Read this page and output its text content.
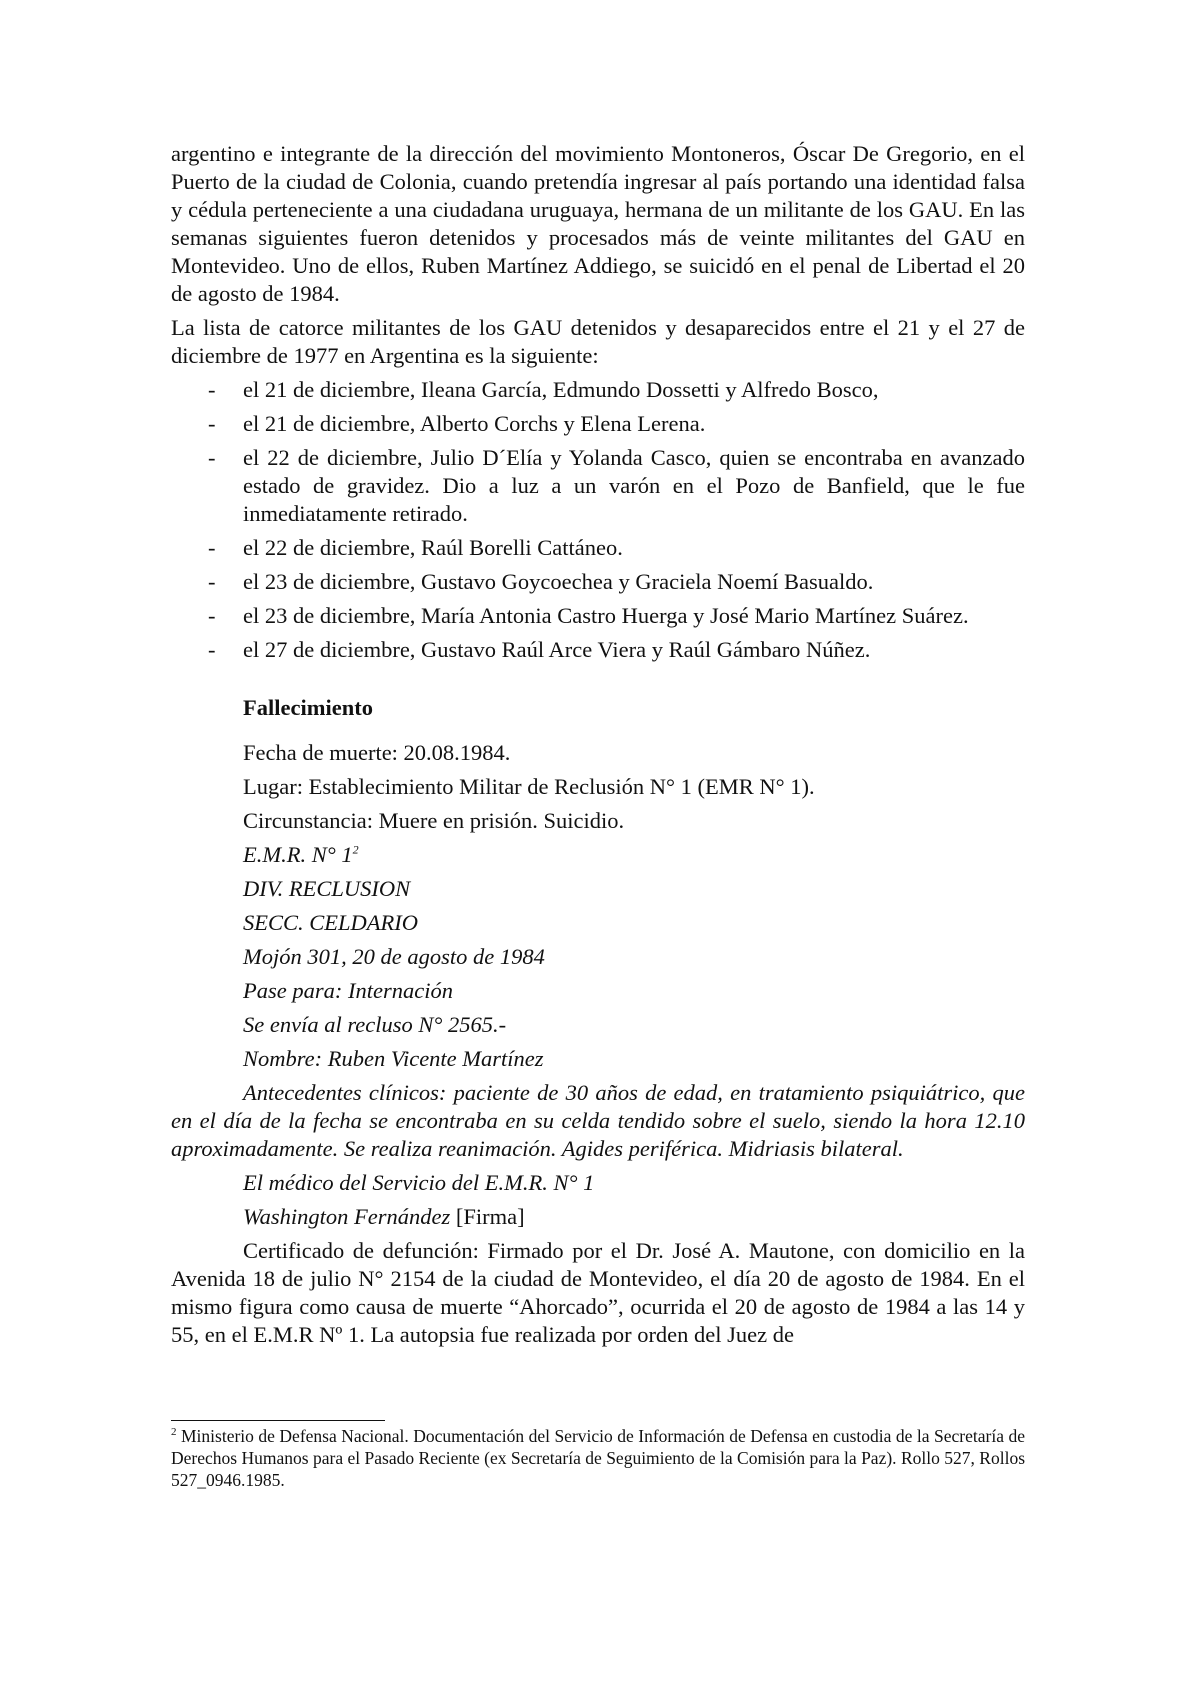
argentino e integrante de la dirección del movimiento Montoneros, Óscar De Gregorio, en el Puerto de la ciudad de Colonia, cuando pretendía ingresar al país portando una identidad falsa y cédula perteneciente a una ciudadana uruguaya, hermana de un militante de los GAU. En las semanas siguientes fueron detenidos y procesados más de veinte militantes del GAU en Montevideo. Uno de ellos, Ruben Martínez Addiego, se suicidó en el penal de Libertad el 20 de agosto de 1984.

La lista de catorce militantes de los GAU detenidos y desaparecidos entre el 21 y el 27 de diciembre de 1977 en Argentina es la siguiente:

- el 21 de diciembre, Ileana García, Edmundo Dossetti y Alfredo Bosco,
- el 21 de diciembre, Alberto Corchs y Elena Lerena.
- el 22 de diciembre, Julio D´Elía y Yolanda Casco, quien se encontraba en avanzado estado de gravidez. Dio a luz a un varón en el Pozo de Banfield, que le fue inmediatamente retirado.
- el 22 de diciembre, Raúl Borelli Cattáneo.
- el 23 de diciembre, Gustavo Goycoechea y Graciela Noemí Basualdo.
- el 23 de diciembre, María Antonia Castro Huerga y José Mario Martínez Suárez.
- el 27 de diciembre, Gustavo Raúl Arce Viera y Raúl Gámbaro Núñez.

Fallecimiento

Fecha de muerte: 20.08.1984.

Lugar: Establecimiento Militar de Reclusión N° 1 (EMR N° 1).

Circunstancia: Muere en prisión. Suicidio.

E.M.R. N° $1^2$

DIV. RECLUSION

SECC. CELDARIO

Mojón 301, 20 de agosto de 1984

Pase para: Internación

Se envía al recluso N° 2565.-

Nombre: Ruben Vicente Martínez

Antecedentes clínicos: paciente de 30 años de edad, en tratamiento psiquiátrico, que en el día de la fecha se encontraba en su celda tendido sobre el suelo, siendo la hora 12.10 aproximadamente. Se realiza reanimación. Agides periférica. Midriasis bilateral.

El médico del Servicio del E.M.R. N° 1

Washington Fernández [Firma]

Certificado de defunción: Firmado por el Dr. José A. Mautone, con domicilio en la Avenida 18 de julio N° 2154 de la ciudad de Montevideo, el día 20 de agosto de 1984. En el mismo figura como causa de muerte “Ahorcado”, ocurrida el 20 de agosto de 1984 a las 14 y 55, en el E.M.R Nº 1. La autopsia fue realizada por orden del Juez de

$^2$ Ministerio de Defensa Nacional. Documentación del Servicio de Información de Defensa en custodia de la Secretaría de Derechos Humanos para el Pasado Reciente (ex Secretaría de Seguimiento de la Comisión para la Paz). Rollo 527, Rollos 527_0946.1985.
